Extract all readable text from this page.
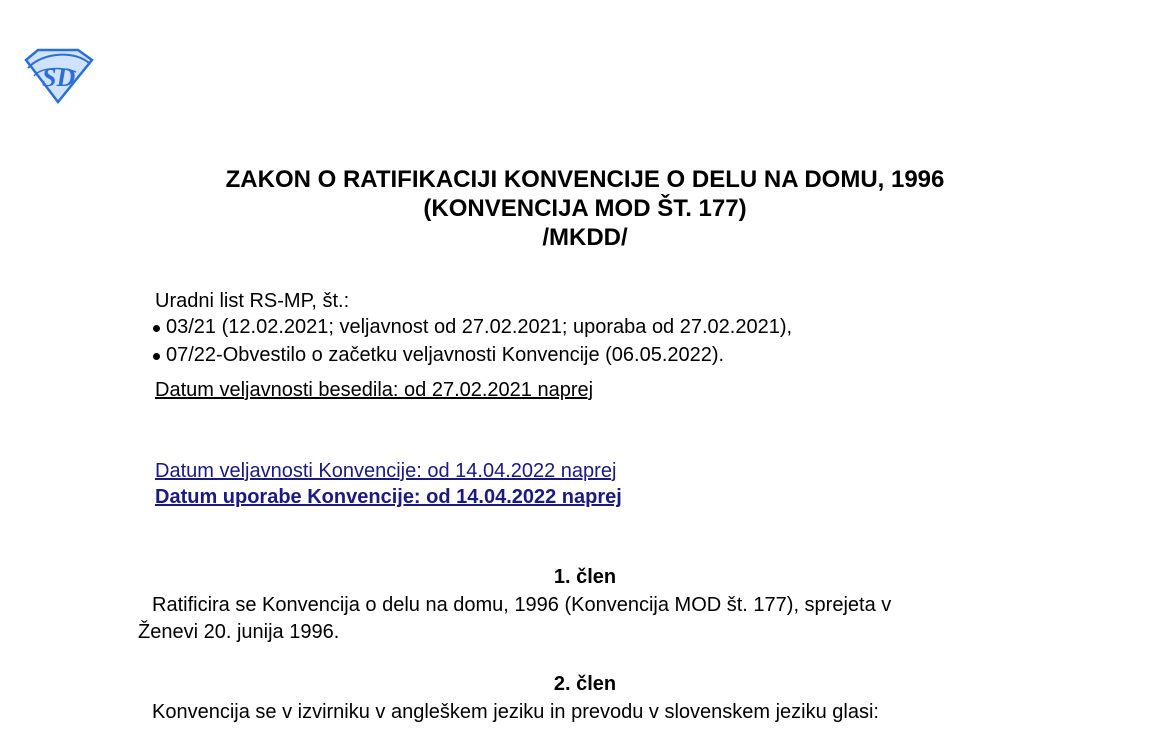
SD
ZAKON O RATIFIKACIJI KONVENCIJE O DELU NA DOMU, 1996
(KONVENCIJA MOD ŠT. 177)
/MKDD/
Uradni list RS-MP, št.:
03/21 (12.02.2021; veljavnost od 27.02.2021; uporaba od 27.02.2021),
07/22-Obvestilo o začetku veljavnosti Konvencije (06.05.2022).
Datum veljavnosti besedila: od 27.02.2021 naprej
Datum veljavnosti Konvencije: od 14.04.2022 naprej
Datum uporabe Konvencije: od 14.04.2022 naprej
1. člen
Ratificira se Konvencija o delu na domu, 1996 (Konvencija MOD št. 177), sprejeta v
Ženevi 20. junija 1996.
2. člen
Konvencija se v izvirniku v angleškem jeziku in prevodu v slovenskem jeziku glasi:
